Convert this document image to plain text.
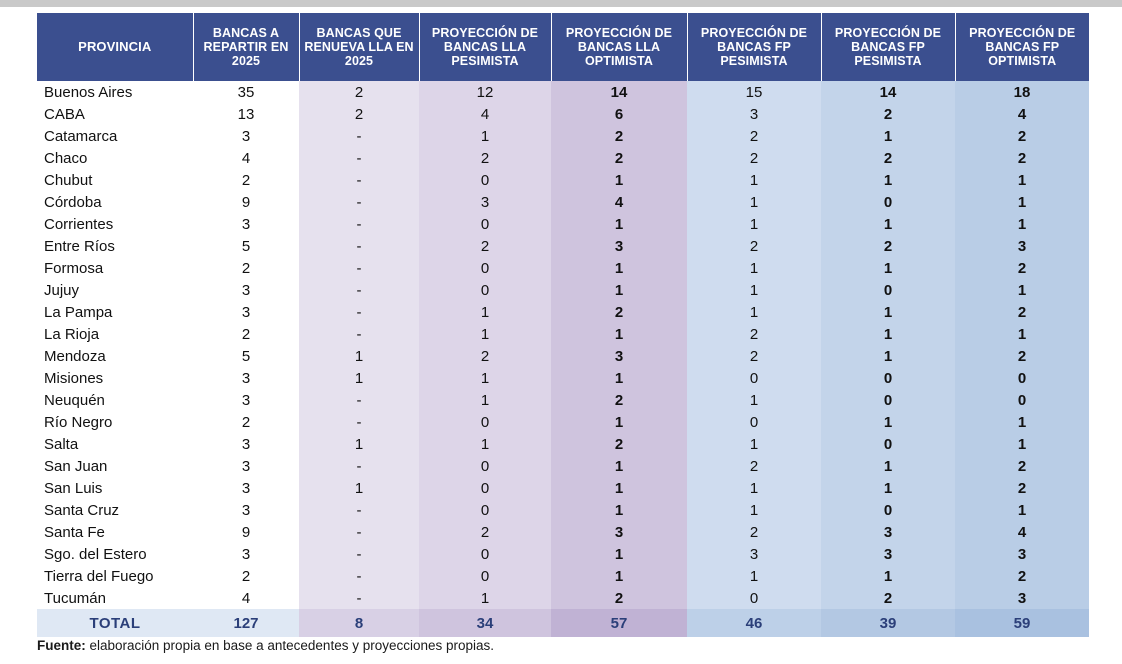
PROVINCIA	BANCAS A REPARTIR EN 2025	BANCAS QUE RENUEVA LLA EN 2025	PROYECCIÓN DE BANCAS LLA PESIMISTA	PROYECCIÓN DE BANCAS LLA OPTIMISTA	PROYECCIÓN DE BANCAS FP PESIMISTA	PROYECCIÓN DE BANCAS FP PESIMISTA	PROYECCIÓN DE BANCAS FP OPTIMISTA
Buenos Aires	35	2	12	14	15	14	18
CABA	13	2	4	6	3	2	4
Catamarca	3	-	1	2	2	1	2
Chaco	4	-	2	2	2	2	2
Chubut	2	-	0	1	1	1	1
Córdoba	9	-	3	4	1	0	1
Corrientes	3	-	0	1	1	1	1
Entre Ríos	5	-	2	3	2	2	3
Formosa	2	-	0	1	1	1	2
Jujuy	3	-	0	1	1	0	1
La Pampa	3	-	1	2	1	1	2
La Rioja	2	-	1	1	2	1	1
Mendoza	5	1	2	3	2	1	2
Misiones	3	1	1	1	0	0	0
Neuquén	3	-	1	2	1	0	0
Río Negro	2	-	0	1	0	1	1
Salta	3	1	1	2	1	0	1
San Juan	3	-	0	1	2	1	2
San Luis	3	1	0	1	1	1	2
Santa Cruz	3	-	0	1	1	0	1
Santa Fe	9	-	2	3	2	3	4
Sgo. del Estero	3	-	0	1	3	3	3
Tierra del Fuego	2	-	0	1	1	1	2
Tucumán	4	-	1	2	0	2	3
TOTAL	127	8	34	57	46	39	59
Fuente: elaboración propia en base a antecedentes y proyecciones propias.
